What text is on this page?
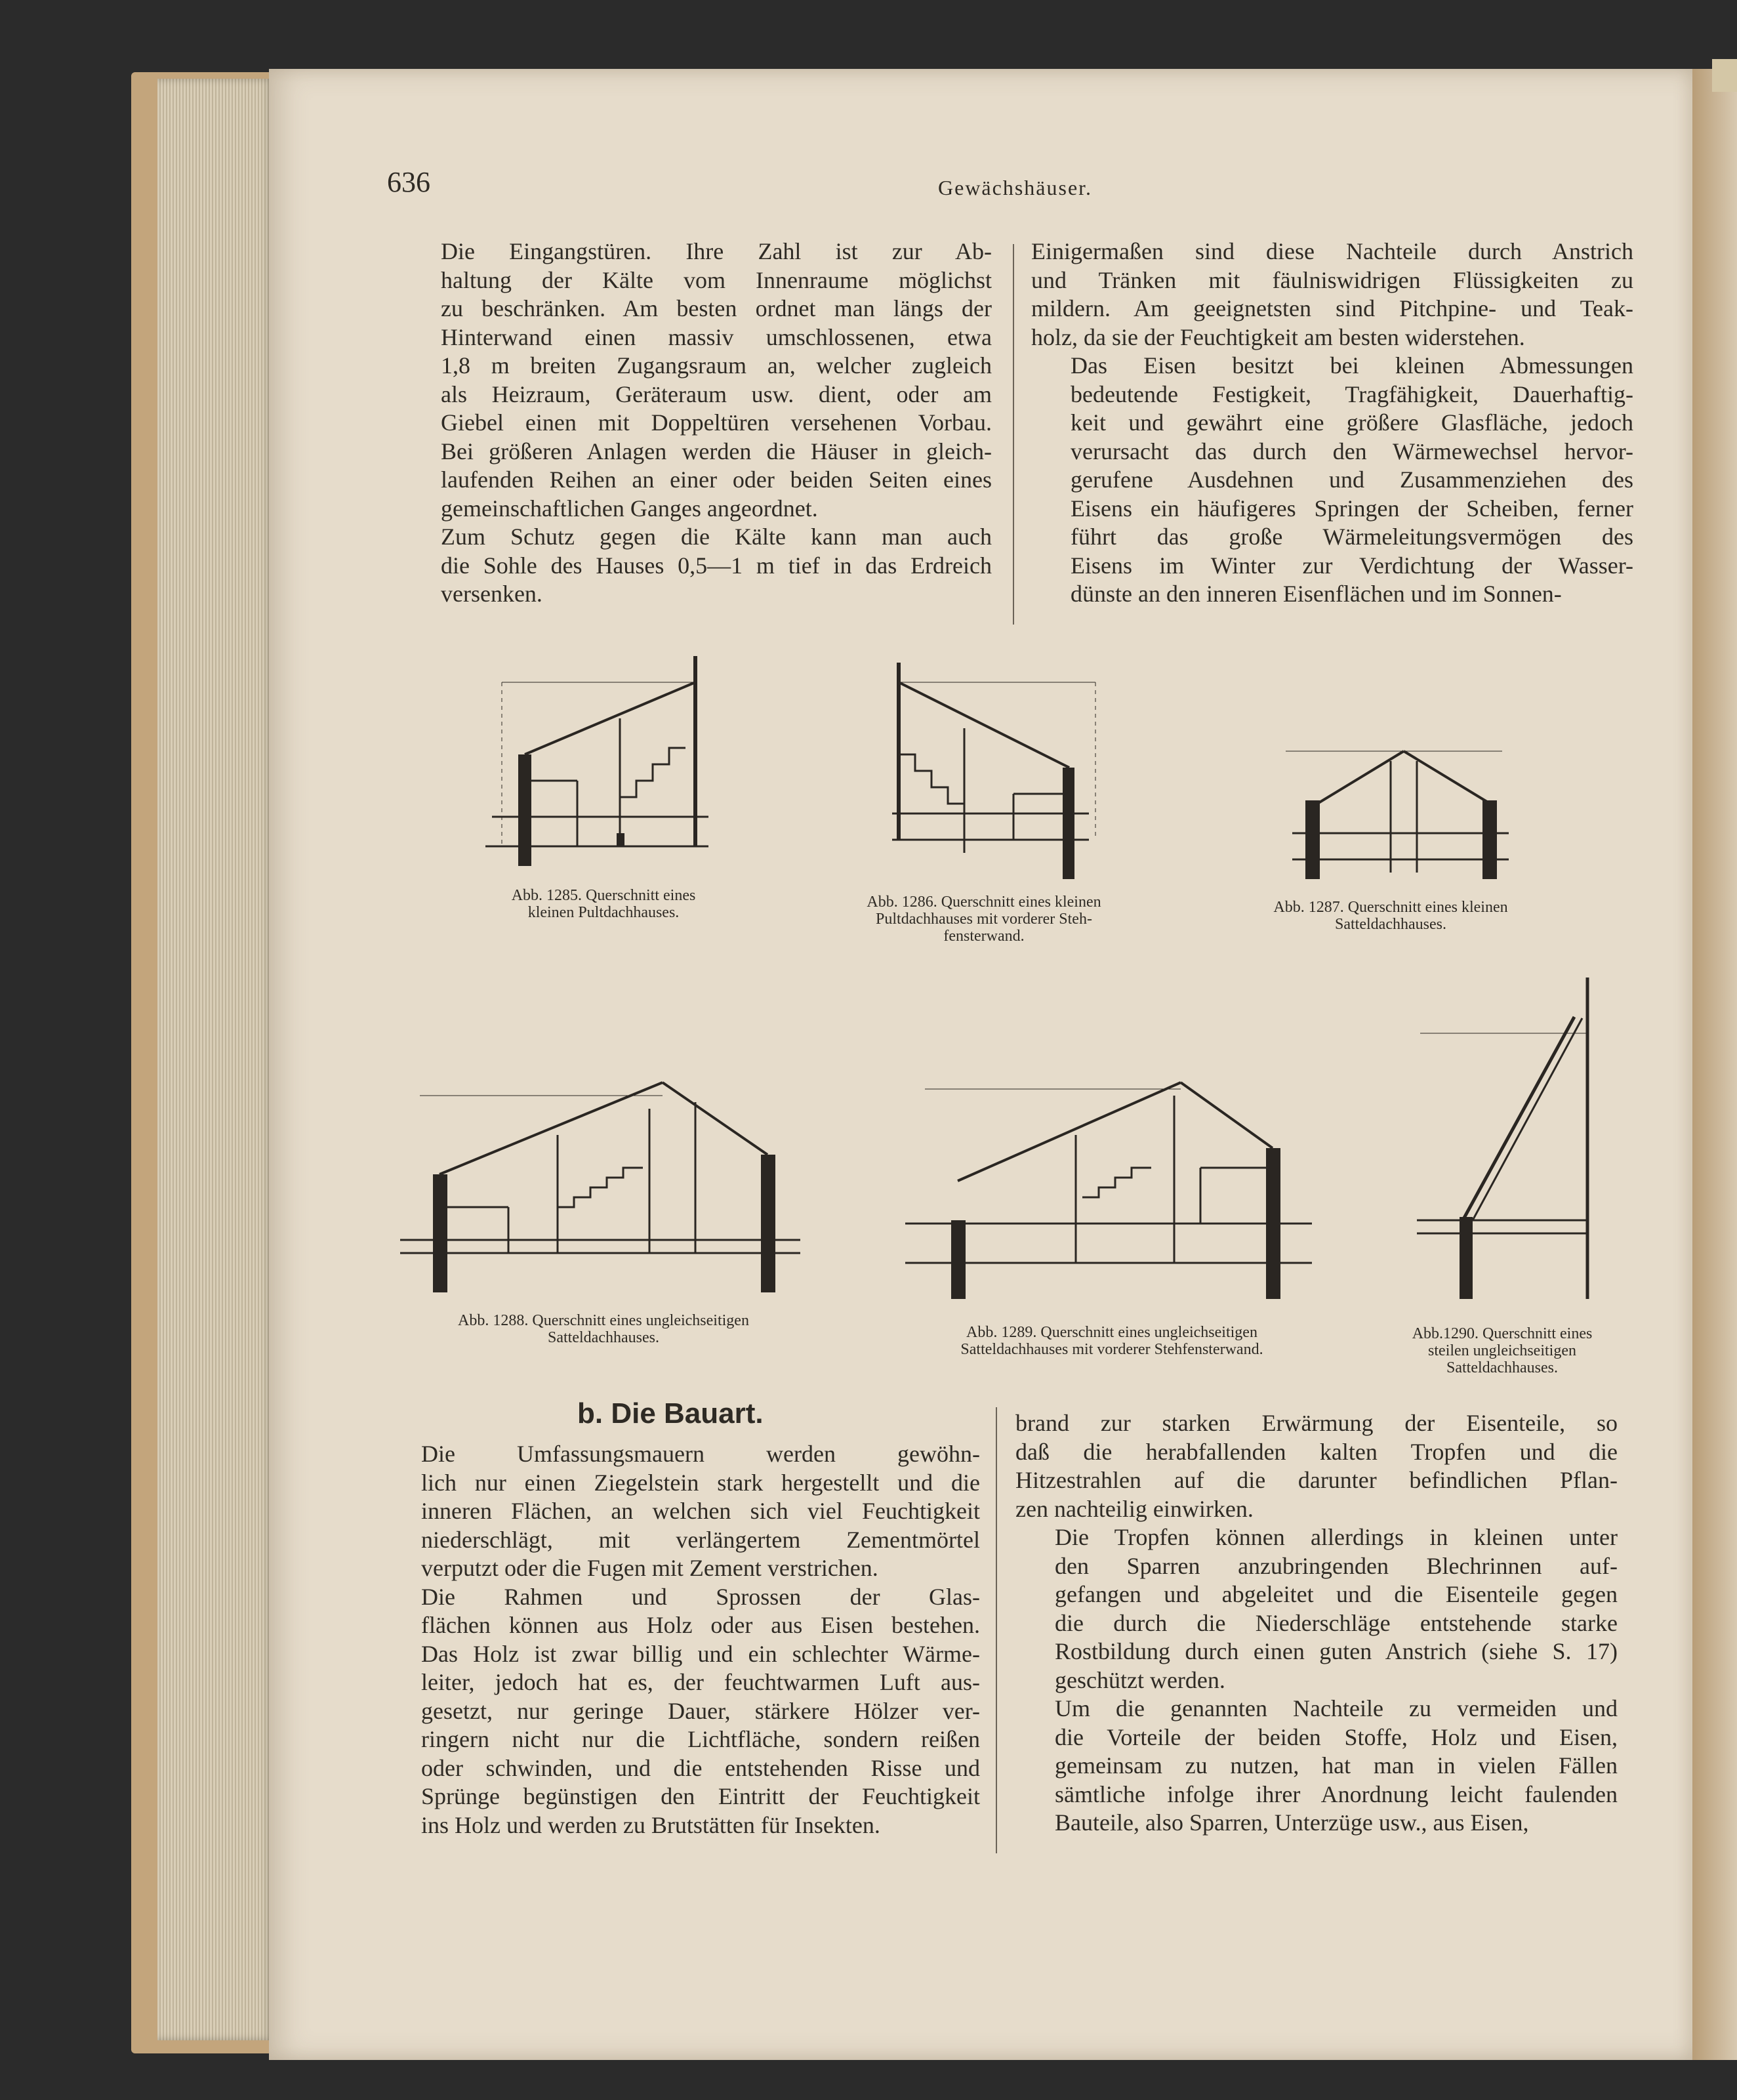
636	Gewächshäuser.

Die Eingangstüren. Ihre Zahl ist zur Ab-
haltung der Kälte vom Innenraume möglichst
zu beschränken. Am besten ordnet man längs der
Hinterwand einen massiv umschlossenen, etwa
1,8 m breiten Zugangsraum an, welcher zugleich
als Heizraum, Geräteraum usw. dient, oder am
Giebel einen mit Doppeltüren versehenen Vorbau.
Bei größeren Anlagen werden die Häuser in gleich-
laufenden Reihen an einer oder beiden Seiten eines
gemeinschaftlichen Ganges angeordnet.

Zum Schutz gegen die Kälte kann man auch
die Sohle des Hauses 0,5—1 m tief in das Erdreich
versenken.

Einigermaßen sind diese Nachteile durch Anstrich
und Tränken mit fäulniswidrigen Flüssigkeiten zu
mildern. Am geeignetsten sind Pitchpine- und Teak-
holz, da sie der Feuchtigkeit am besten widerstehen.

Das Eisen besitzt bei kleinen Abmessungen
bedeutende Festigkeit, Tragfähigkeit, Dauerhaftig-
keit und gewährt eine größere Glasfläche, jedoch
verursacht das durch den Wärmewechsel hervor-
gerufene Ausdehnen und Zusammenziehen des
Eisens ein häufigeres Springen der Scheiben, ferner
führt das große Wärmeleitungsvermögen des
Eisens im Winter zur Verdichtung der Wasser-
dünste an den inneren Eisenflächen und im Sonnen-

Abb. 1285. Querschnitt eines
kleinen Pultdachhauses.
Abb. 1286. Querschnitt eines kleinen
Pultdachhauses mit vorderer Steh-
fensterwand.
Abb. 1287. Querschnitt eines kleinen
Satteldachhauses.
Abb. 1288. Querschnitt eines ungleichseitigen
Satteldachhauses.	Abb. 1289. Querschnitt eines ungleichseitigen
Satteldachhauses mit vorderer Stehfensterwand.
Abb.1290. Querschnitt eines
steilen ungleichseitigen
Satteldachhauses.
b. Die Bauart.

Die Umfassungsmauern werden gewöhn-
lich nur einen Ziegelstein stark hergestellt und die
inneren Flächen, an welchen sich viel Feuchtigkeit
niederschlägt, mit verlängertem Zementmörtel
verputzt oder die Fugen mit Zement verstrichen.

Die Rahmen und Sprossen der Glas-
flächen können aus Holz oder aus Eisen bestehen.
Das Holz ist zwar billig und ein schlechter Wärme-
leiter, jedoch hat es, der feuchtwarmen Luft aus-
gesetzt, nur geringe Dauer, stärkere Hölzer ver-
ringern nicht nur die Lichtfläche, sondern reißen
oder schwinden, und die entstehenden Risse und
Sprünge begünstigen den Eintritt der Feuchtigkeit
ins Holz und werden zu Brutstätten für Insekten.

brand zur starken Erwärmung der Eisenteile, so
daß die herabfallenden kalten Tropfen und die
Hitzestrahlen auf die darunter befindlichen Pflan-
zen nachteilig einwirken.

Die Tropfen können allerdings in kleinen unter
den Sparren anzubringenden Blechrinnen auf-
gefangen und abgeleitet und die Eisenteile gegen
die durch die Niederschläge entstehende starke
Rostbildung durch einen guten Anstrich (siehe S. 17)
geschützt werden.

Um die genannten Nachteile zu vermeiden und
die Vorteile der beiden Stoffe, Holz und Eisen,
gemeinsam zu nutzen, hat man in vielen Fällen
sämtliche infolge ihrer Anordnung leicht faulenden
Bauteile, also Sparren, Unterzüge usw., aus Eisen,
